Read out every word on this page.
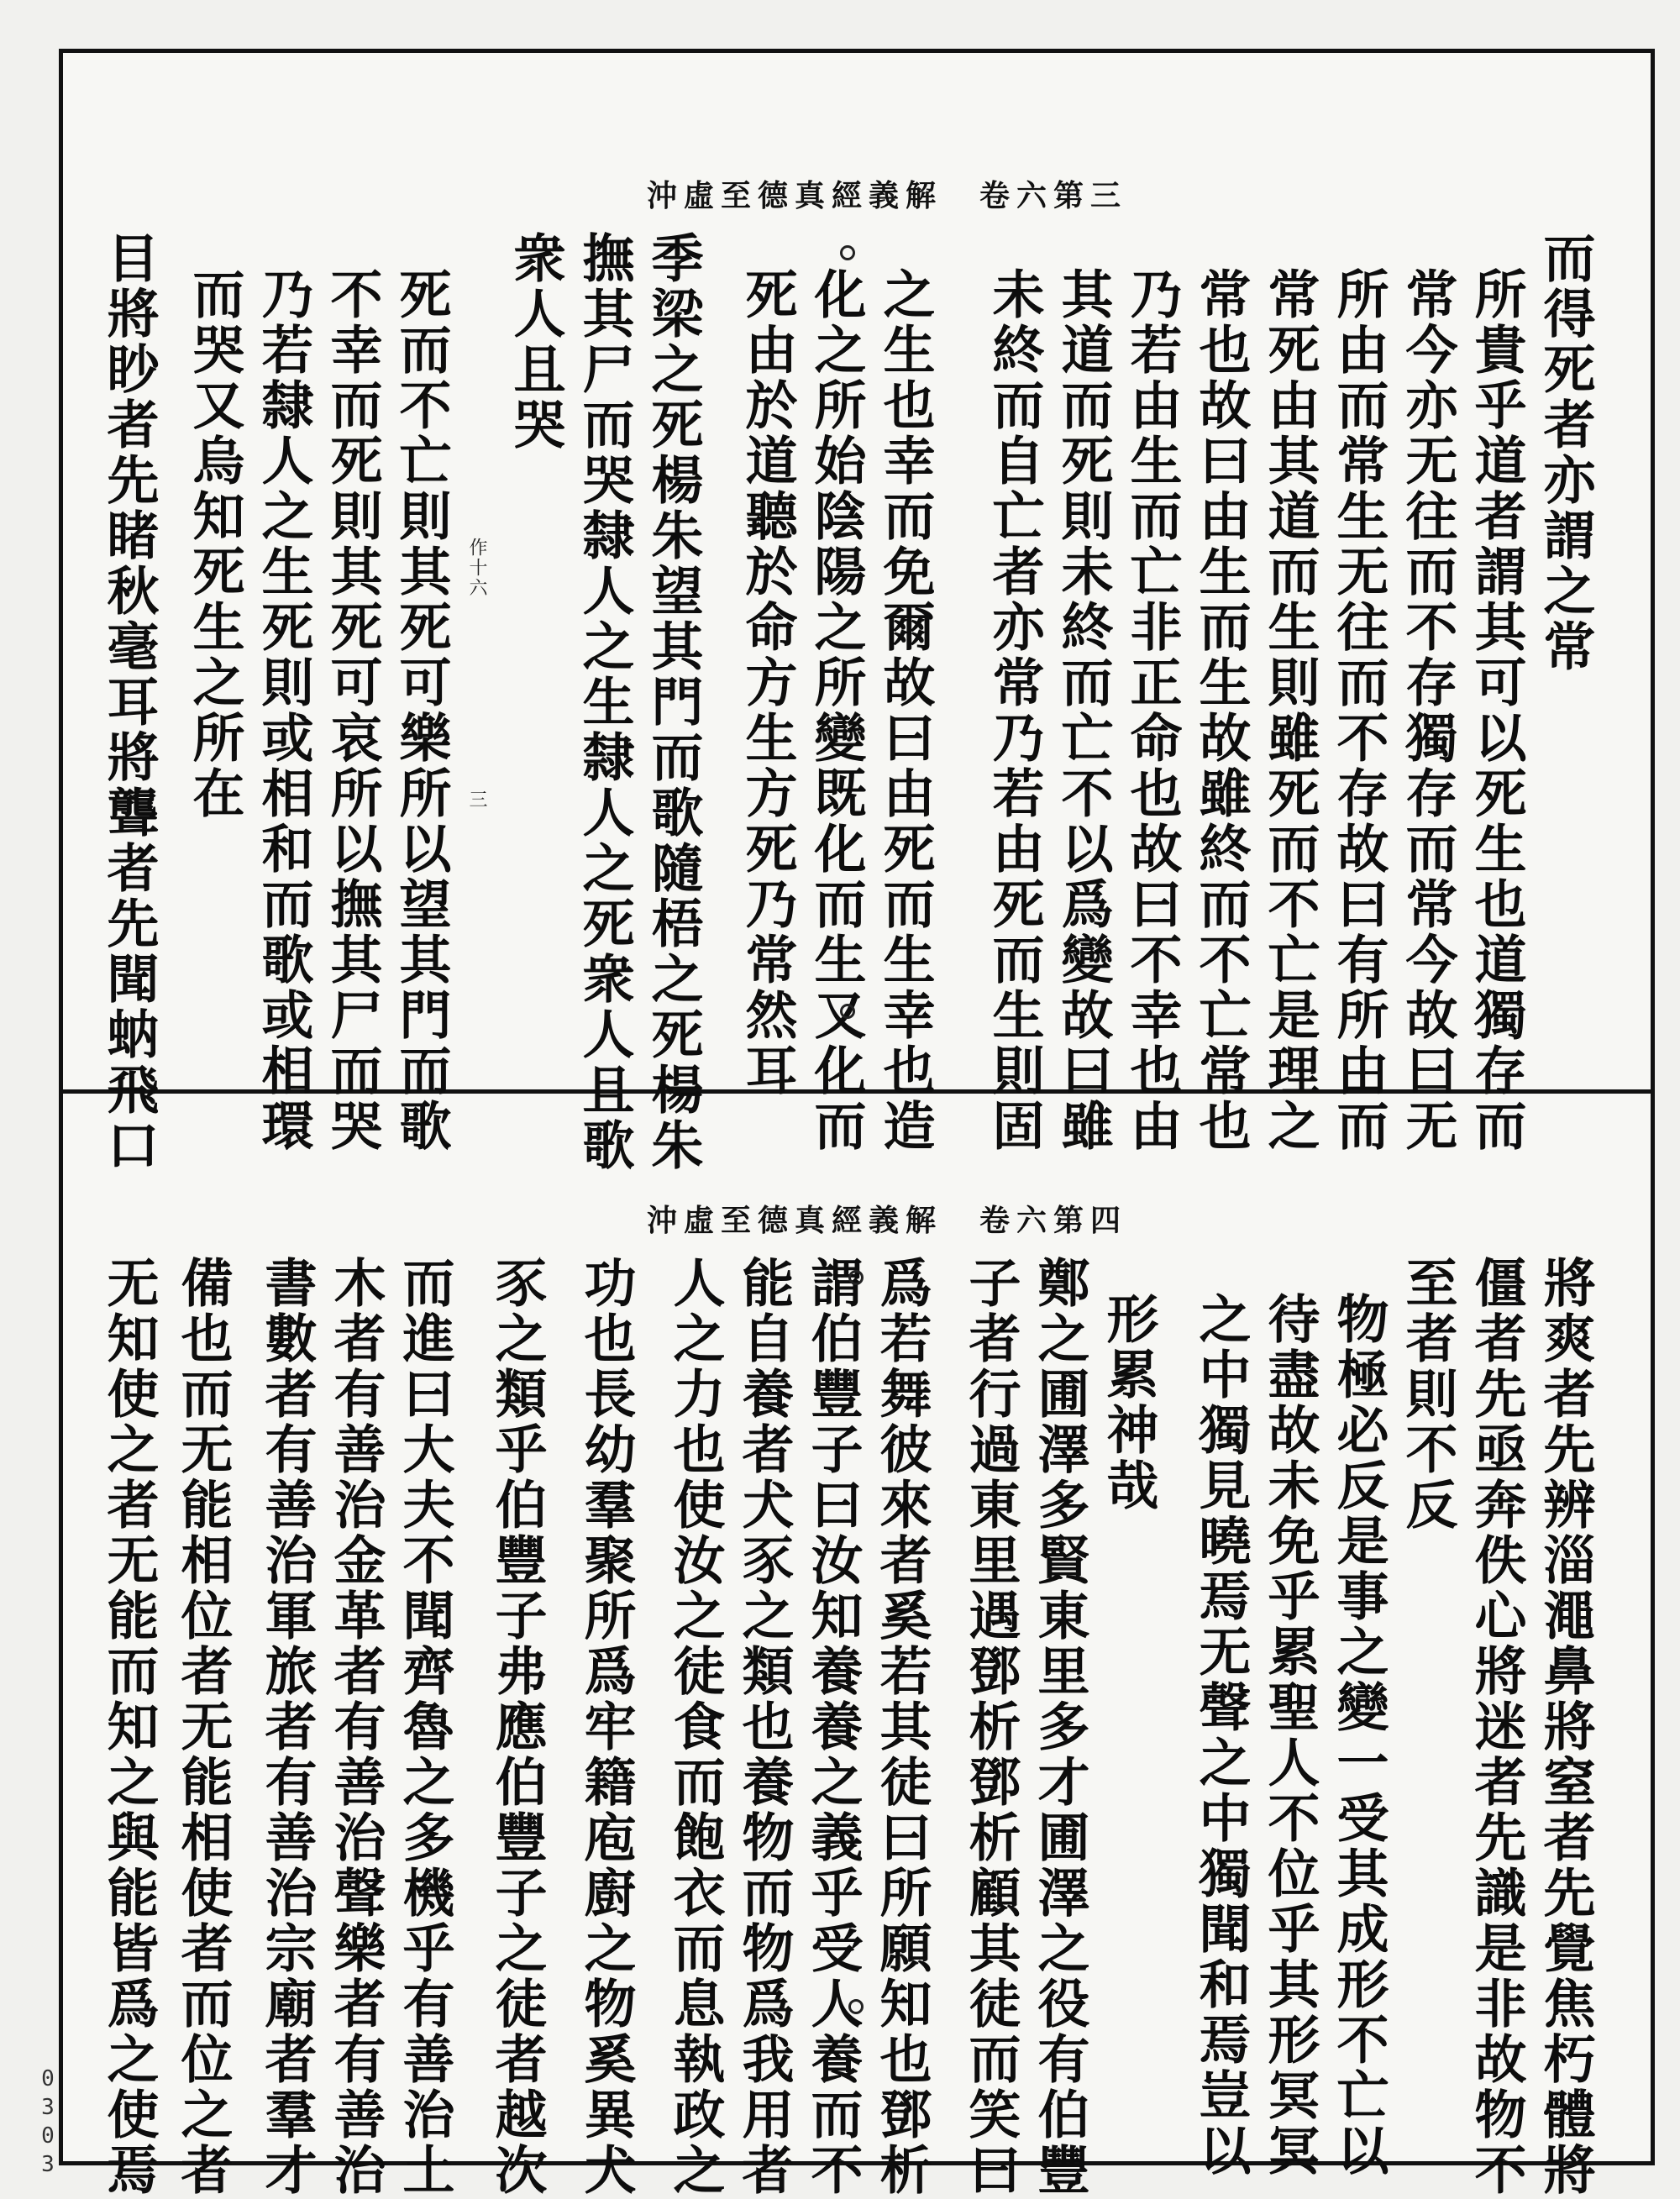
沖虛至德真經義解　卷六第三
而得死者亦謂之常
所貴乎道者謂其可以死生也道獨存而
常今亦无往而不存獨存而常今故曰无
所由而常生无往而不存故曰有所由而
常死由其道而生則雖死而不亡是理之
常也故曰由生而生故雖終而不亡常也
乃若由生而亡非正命也故曰不幸也由
其道而死則未終而亡不以爲變故曰雖
未終而自亡者亦常乃若由死而生則固
之生也幸而免爾故曰由死而生幸也造
化之所始陰陽之所變既化而生又化而
死由於道聽於命方生方死乃常然耳
季梁之死楊朱望其門而歌隨梧之死楊朱
撫其尸而哭隸人之生隸人之死衆人且歌
衆人且哭
死而不亡則其死可樂所以望其門而歌
不幸而死則其死可哀所以撫其尸而哭
乃若隸人之生死則或相和而歌或相環
而哭又烏知死生之所在
目將眇者先睹秋毫耳將聾者先聞蚋飛口	作十六
三
沖虛至德真經義解　卷六第四
將爽者先辨淄澠鼻將窒者先覺焦朽體將
僵者先亟奔佚心將迷者先識是非故物不
至者則不反
物極必反是事之變一受其成形不亡以
待盡故未免乎累聖人不位乎其形冥冥
之中獨見曉焉无聲之中獨聞和焉豈以
形累神哉
鄭之圃澤多賢東里多才圃澤之役有伯豐
子者行過東里遇鄧析鄧析顧其徒而笑曰
爲若舞彼來者奚若其徒曰所願知也鄧析
謂伯豐子曰汝知養養之義乎受人養而不
能自養者犬豕之類也養物而物爲我用者
人之力也使汝之徒食而飽衣而息執政之
功也長幼羣聚所爲牢籍庖廚之物奚異犬
豕之類乎伯豐子弗應伯豐子之徒者越次
而進曰大夫不聞齊魯之多機乎有善治土
木者有善治金革者有善治聲樂者有善治
書數者有善治軍旅者有善治宗廟者羣才
備也而无能相位者无能相使者而位之者
无知使之者无能而知之與能皆爲之使焉
0303
